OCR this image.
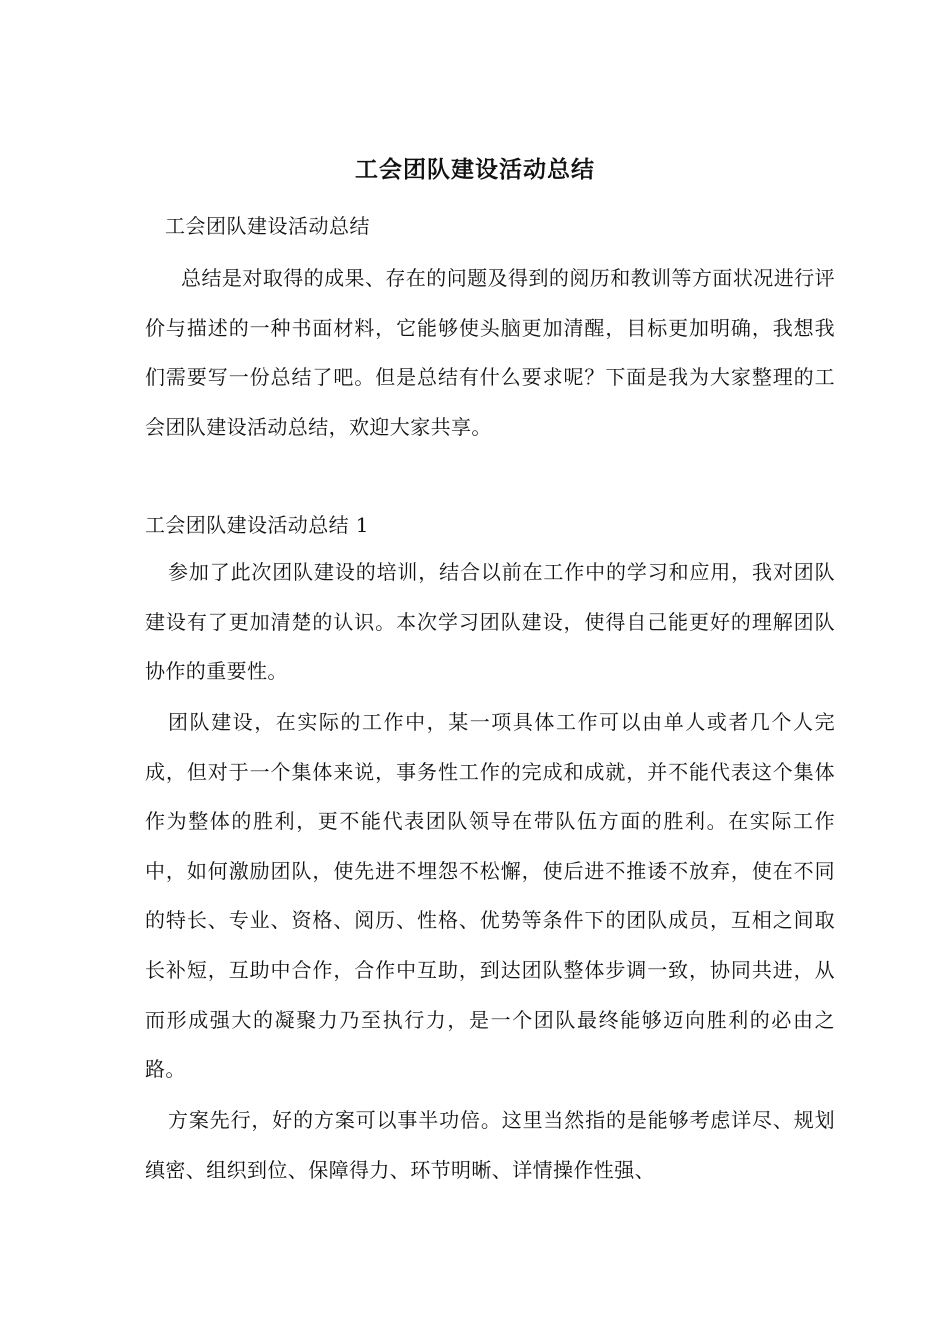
工会团队建设活动总结

工会团队建设活动总结

总结是对取得的成果、存在的问题及得到的阅历和教训等方面状况进行评价与描述的一种书面材料，它能够使头脑更加清醒，目标更加明确，我想我们需要写一份总结了吧。但是总结有什么要求呢？下面是我为大家整理的工会团队建设活动总结，欢迎大家共享。

工会团队建设活动总结 1

参加了此次团队建设的培训，结合以前在工作中的学习和应用，我对团队建设有了更加清楚的认识。本次学习团队建设，使得自己能更好的理解团队协作的重要性。

团队建设，在实际的工作中，某一项具体工作可以由单人或者几个人完成，但对于一个集体来说，事务性工作的完成和成就，并不能代表这个集体作为整体的胜利，更不能代表团队领导在带队伍方面的胜利。在实际工作中，如何激励团队，使先进不埋怨不松懈，使后进不推诿不放弃，使在不同的特长、专业、资格、阅历、性格、优势等条件下的团队成员，互相之间取长补短，互助中合作，合作中互助，到达团队整体步调一致，协同共进，从而形成强大的凝聚力乃至执行力，是一个团队最终能够迈向胜利的必由之路。

方案先行，好的方案可以事半功倍。这里当然指的是能够考虑详尽、规划缜密、组织到位、保障得力、环节明晰、详情操作性强、
